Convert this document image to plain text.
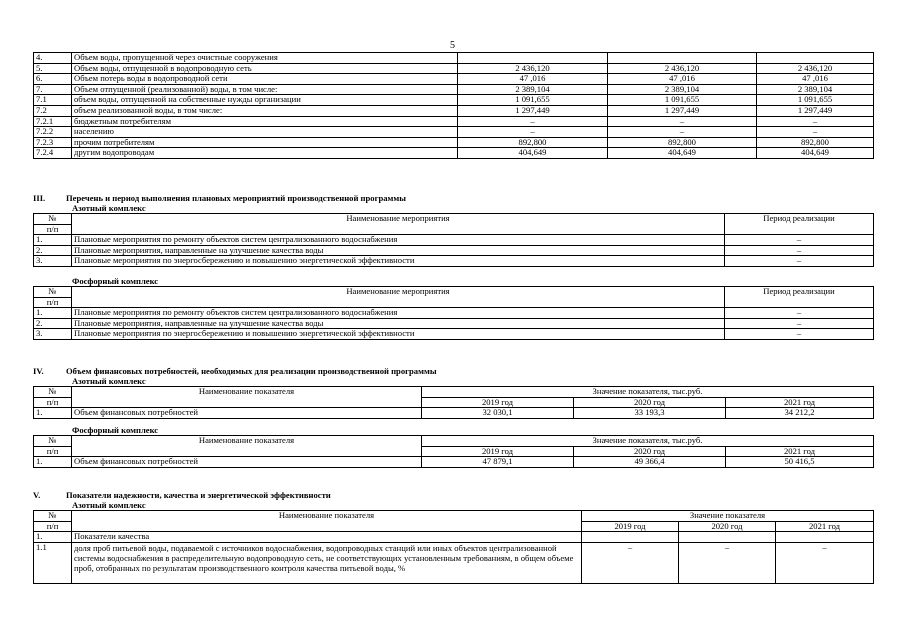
5
4.	Объем воды, пропущенной через очистные сооружения			
5.	Объем воды, отпущенной в водопроводную сеть	2 436,120	2 436,120	2 436,120
6.	Объем потерь воды в водопроводной сети	47 ,016	47 ,016	47 ,016
7.	Объем отпущенной (реализованной) воды, в том числе:	2 389,104	2 389,104	2 389,104
7.1	объем воды, отпущенной на собственные нужды организации	1 091,655	1 091,655	1 091,655
7.2	объем реализованной воды, в том числе:	1 297,449	1 297,449	1 297,449
7.2.1	бюджетным потребителям	–	–	–
7.2.2	населению	–	–	–
7.2.3	прочим потребителям	892,800	892,800	892,800
7.2.4	другим водопроводам	404,649	404,649	404,649
III. Перечень и период выполнения плановых мероприятий производственной программы
Азотный комплекс
№	Наименование мероприятия	Период реализации
п/п		
1.	Плановые мероприятия по ремонту объектов систем централизованного водоснабжения	–
2.	Плановые мероприятия, направленные на улучшение качества воды	–
3.	Плановые мероприятия по энергосбережению и повышению энергетической эффективности	–
Фосфорный комплекс
№	Наименование мероприятия	Период реализации
п/п		
1.	Плановые мероприятия по ремонту объектов систем централизованного водоснабжения	–
2.	Плановые мероприятия, направленные на улучшение качества воды	–
3.	Плановые мероприятия по энергосбережению и повышению энергетической эффективности	–
IV.	Объем финансовых потребностей, необходимых для реализации производственной программы
Азотный комплекс
№	Наименование показателя	Значение показателя, тыс.руб.		
п/п		2019 год	2020 год	2021 год
1.	Объем финансовых потребностей	32 030,1	33 193,3	34 212,2
Фосфорный комплекс
№	Наименование показателя	Значение показателя, тыс.руб.		
п/п		2019 год	2020 год	2021 год
1.	Объем финансовых потребностей	47 879,1	49 366,4	50 416,5
V.	Показатели надежности, качества и энергетической эффективности
Азотный комплекс
№	Наименование показателя	Значение показателя		
п/п		2019 год	2020 год	2021 год
1.	Показатели качества			
1.1	доля проб питьевой воды, подаваемой с источников водоснабжения, водопроводных станций или иных объектов централизованной системы водоснабжения в распределительную водопроводную сеть, не соответствующих установленным требованиям, в общем объеме проб, отобранных по результатам производственного контроля качества питьевой воды, %	–	–	–
